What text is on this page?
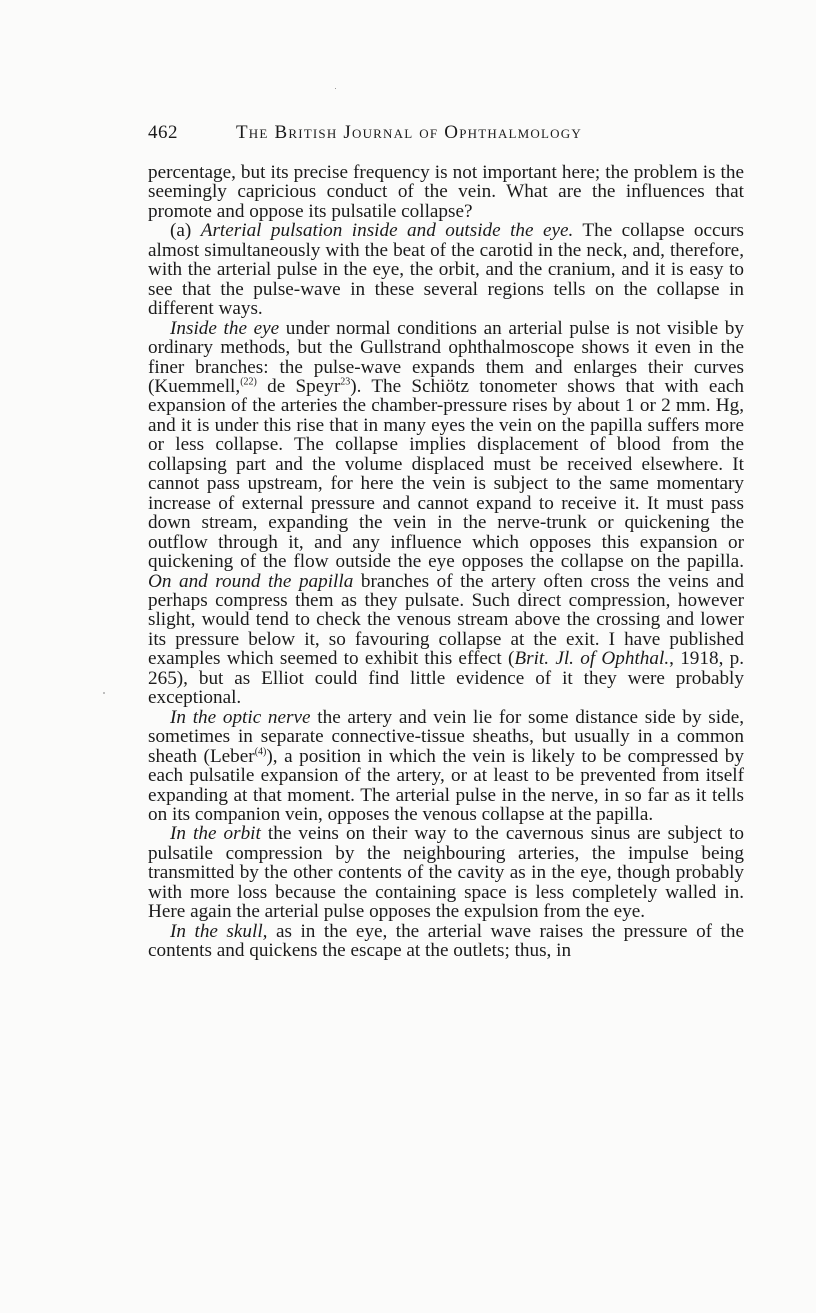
462	The British Journal of Ophthalmology

percentage, but its precise frequency is not important here; the problem is the seemingly capricious conduct of the vein. What are the influences that promote and oppose its pulsatile collapse?

(a) Arterial pulsation inside and outside the eye. The collapse occurs almost simultaneously with the beat of the carotid in the neck, and, therefore, with the arterial pulse in the eye, the orbit, and the cranium, and it is easy to see that the pulse-wave in these several regions tells on the collapse in different ways.

Inside the eye under normal conditions an arterial pulse is not visible by ordinary methods, but the Gullstrand ophthalmoscope shows it even in the finer branches: the pulse-wave expands them and enlarges their curves (Kuemmell,$^{(22)}$ de Speyr$^{23}$). The Schiötz tonometer shows that with each expansion of the arteries the chamber-pressure rises by about 1 or 2 mm. Hg, and it is under this rise that in many eyes the vein on the papilla suffers more or less collapse. The collapse implies displacement of blood from the collapsing part and the volume displaced must be received elsewhere. It cannot pass upstream, for here the vein is subject to the same momentary increase of external pressure and cannot expand to receive it. It must pass down stream, expanding the vein in the nerve-trunk or quickening the outflow through it, and any influence which opposes this expansion or quickening of the flow outside the eye opposes the collapse on the papilla. On and round the papilla branches of the artery often cross the veins and perhaps compress them as they pulsate. Such direct compression, however slight, would tend to check the venous stream above the crossing and lower its pressure below it, so favouring collapse at the exit. I have published examples which seemed to exhibit this effect (Brit. Jl. of Ophthal., 1918, p. 265), but as Elliot could find little evidence of it they were probably exceptional.

In the optic nerve the artery and vein lie for some distance side by side, sometimes in separate connective-tissue sheaths, but usually in a common sheath (Leber$^{(4)}$), a position in which the vein is likely to be compressed by each pulsatile expansion of the artery, or at least to be prevented from itself expanding at that moment. The arterial pulse in the nerve, in so far as it tells on its companion vein, opposes the venous collapse at the papilla.

In the orbit the veins on their way to the cavernous sinus are subject to pulsatile compression by the neighbouring arteries, the impulse being transmitted by the other contents of the cavity as in the eye, though probably with more loss because the containing space is less completely walled in. Here again the arterial pulse opposes the expulsion from the eye.

In the skull, as in the eye, the arterial wave raises the pressure of the contents and quickens the escape at the outlets; thus, in
